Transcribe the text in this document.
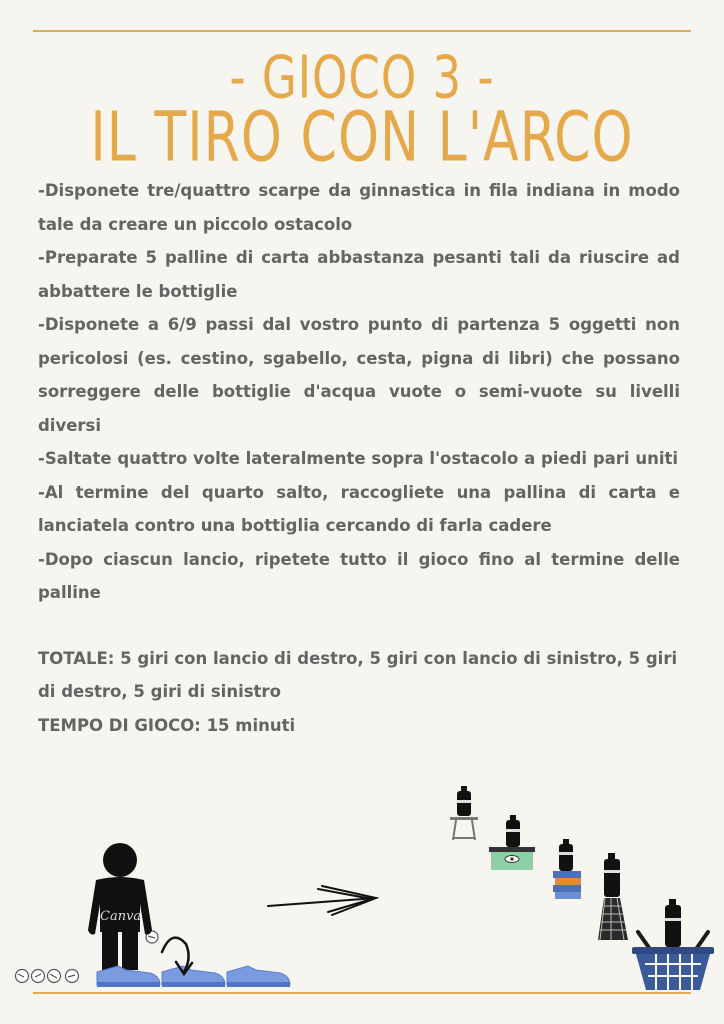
- GIOCO 3 -
IL TIRO CON L'ARCO

-Disponete tre/quattro scarpe da ginnastica in fila indiana in modo tale da creare un piccolo ostacolo

-Preparate 5 palline di carta abbastanza pesanti tali da riuscire ad abbattere le bottiglie

-Disponete a 6/9 passi dal vostro punto di partenza 5 oggetti non pericolosi (es. cestino, sgabello, cesta, pigna di libri) che possano sorreggere delle bottiglie d'acqua vuote o semi-vuote su livelli diversi

-Saltate quattro volte lateralmente sopra l'ostacolo a piedi pari uniti

-Al termine del quarto salto, raccogliete una pallina di carta e lanciatela contro una bottiglia cercando di farla cadere

-Dopo ciascun lancio, ripetete tutto il gioco fino al termine delle palline

TOTALE: 5 giri con lancio di destro, 5 giri con lancio di sinistro, 5 giri di destro, 5 giri di sinistro

TEMPO DI GIOCO: 15 minuti

Canva
